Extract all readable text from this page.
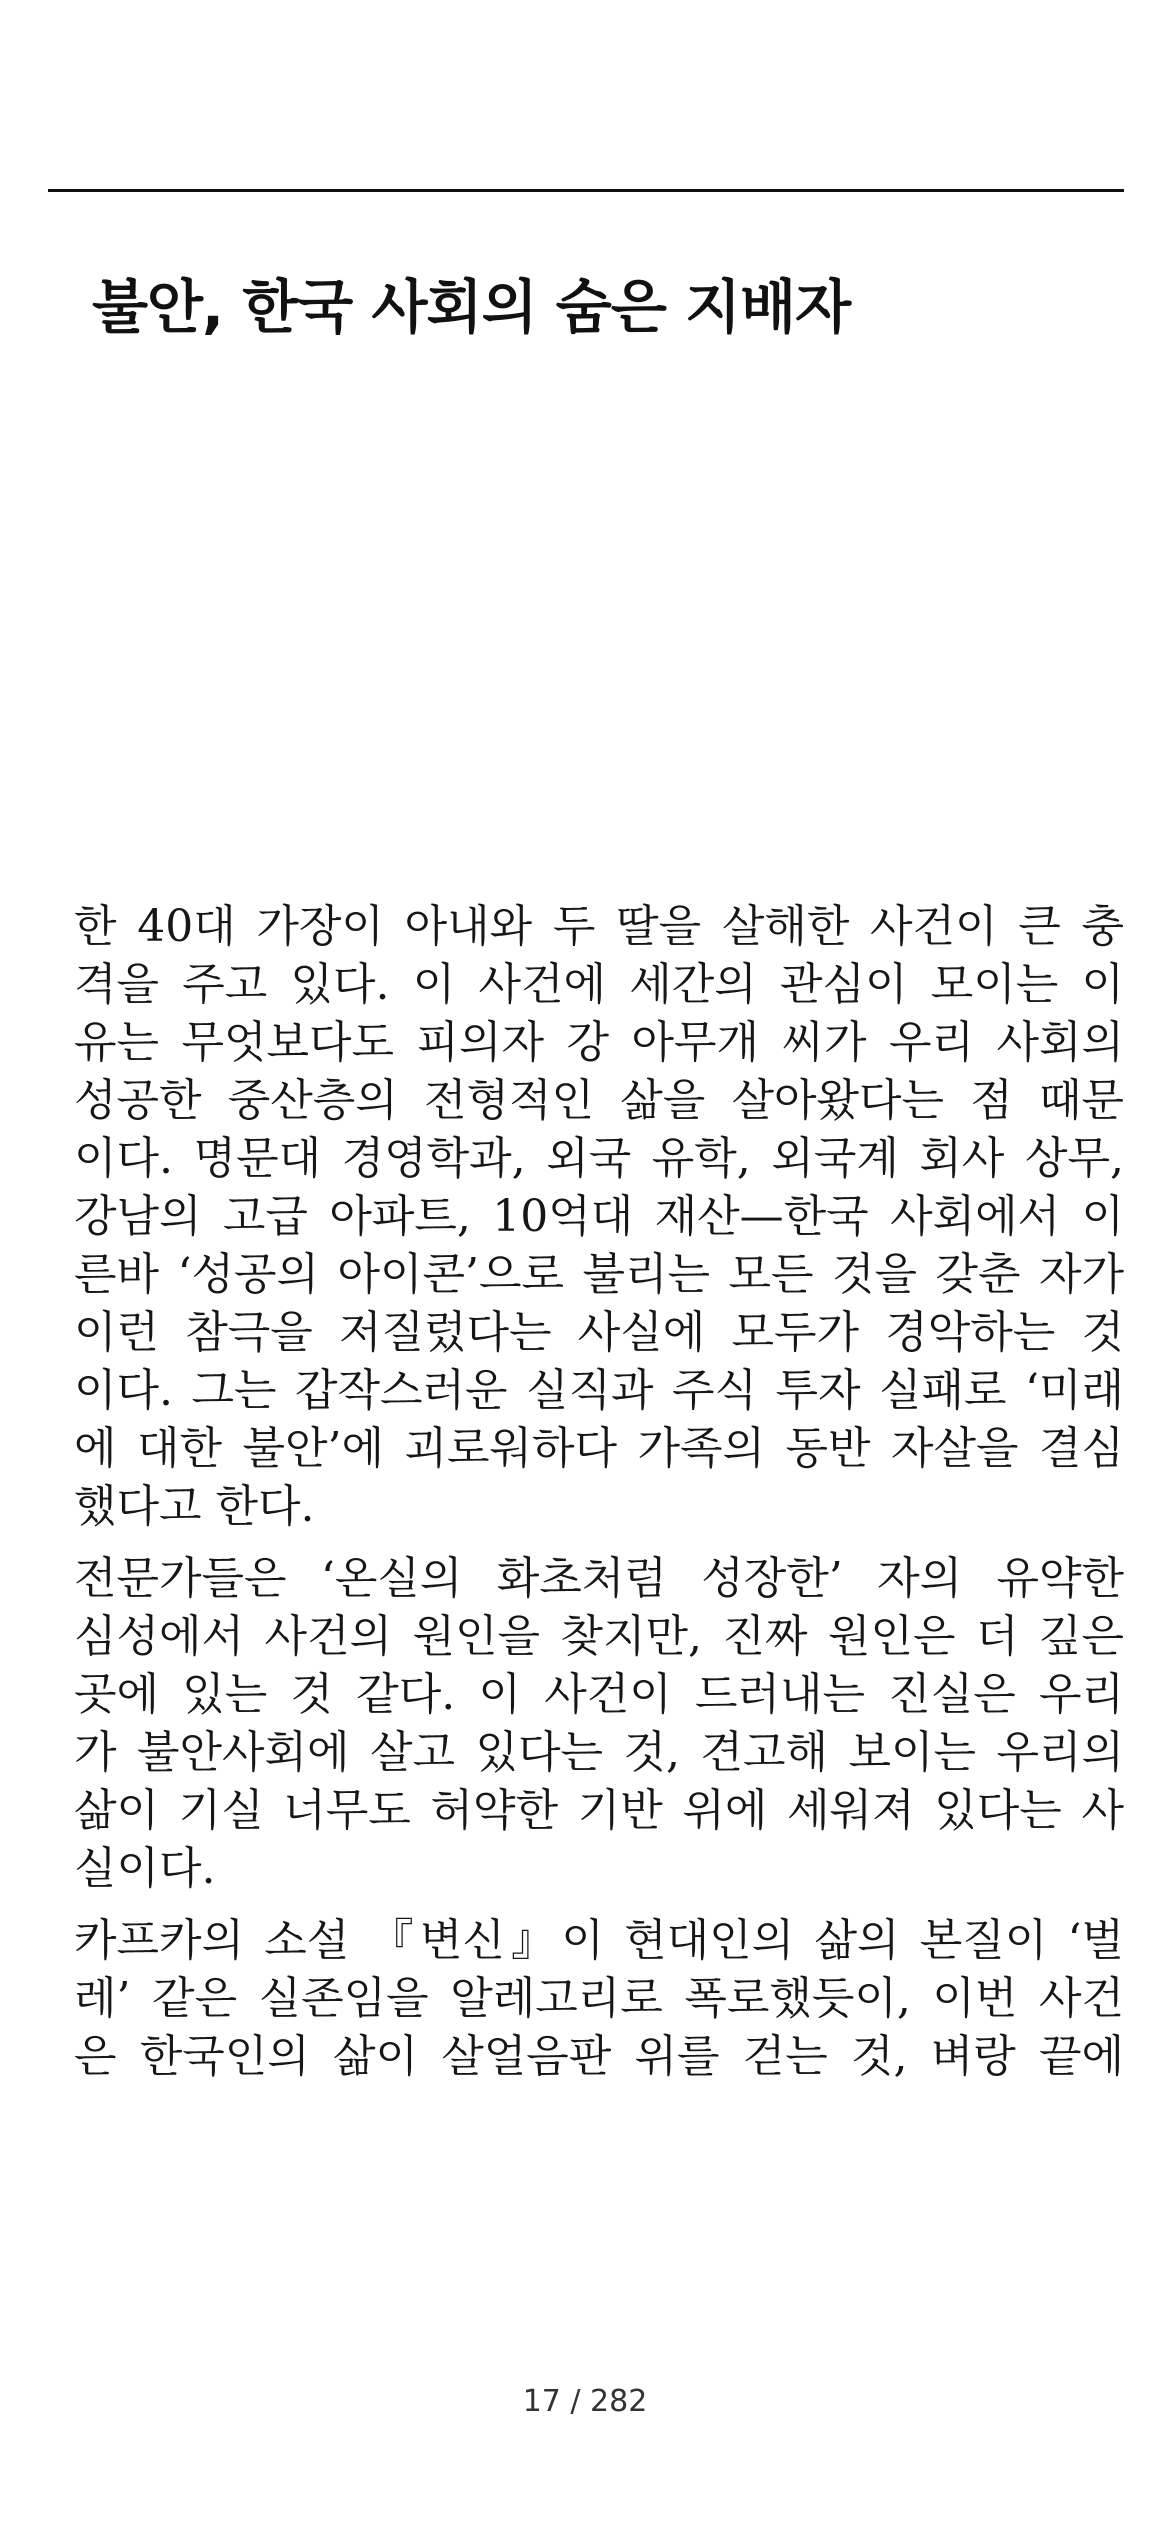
불안, 한국 사회의 숨은 지배자

한 40대 가장이 아내와 두 딸을 살해한 사건이 큰 충
격을 주고 있다. 이 사건에 세간의 관심이 모이는 이
유는 무엇보다도 피의자 강 아무개 씨가 우리 사회의
성공한 중산층의 전형적인 삶을 살아왔다는 점 때문
이다. 명문대 경영학과, 외국 유학, 외국계 회사 상무,
강남의 고급 아파트, 10억대 재산—한국 사회에서 이
른바 ‘성공의 아이콘’으로 불리는 모든 것을 갖춘 자가
이런 참극을 저질렀다는 사실에 모두가 경악하는 것
이다. 그는 갑작스러운 실직과 주식 투자 실패로 ‘미래
에 대한 불안’에 괴로워하다 가족의 동반 자살을 결심
했다고 한다.

전문가들은 ‘온실의 화초처럼 성장한’ 자의 유약한
심성에서 사건의 원인을 찾지만, 진짜 원인은 더 깊은
곳에 있는 것 같다. 이 사건이 드러내는 진실은 우리
가 불안사회에 살고 있다는 것, 견고해 보이는 우리의
삶이 기실 너무도 허약한 기반 위에 세워져 있다는 사
실이다.

카프카의 소설 『변신』이 현대인의 삶의 본질이 ‘벌
레’ 같은 실존임을 알레고리로 폭로했듯이, 이번 사건
은 한국인의 삶이 살얼음판 위를 걷는 것, 벼랑 끝에

17 / 282
